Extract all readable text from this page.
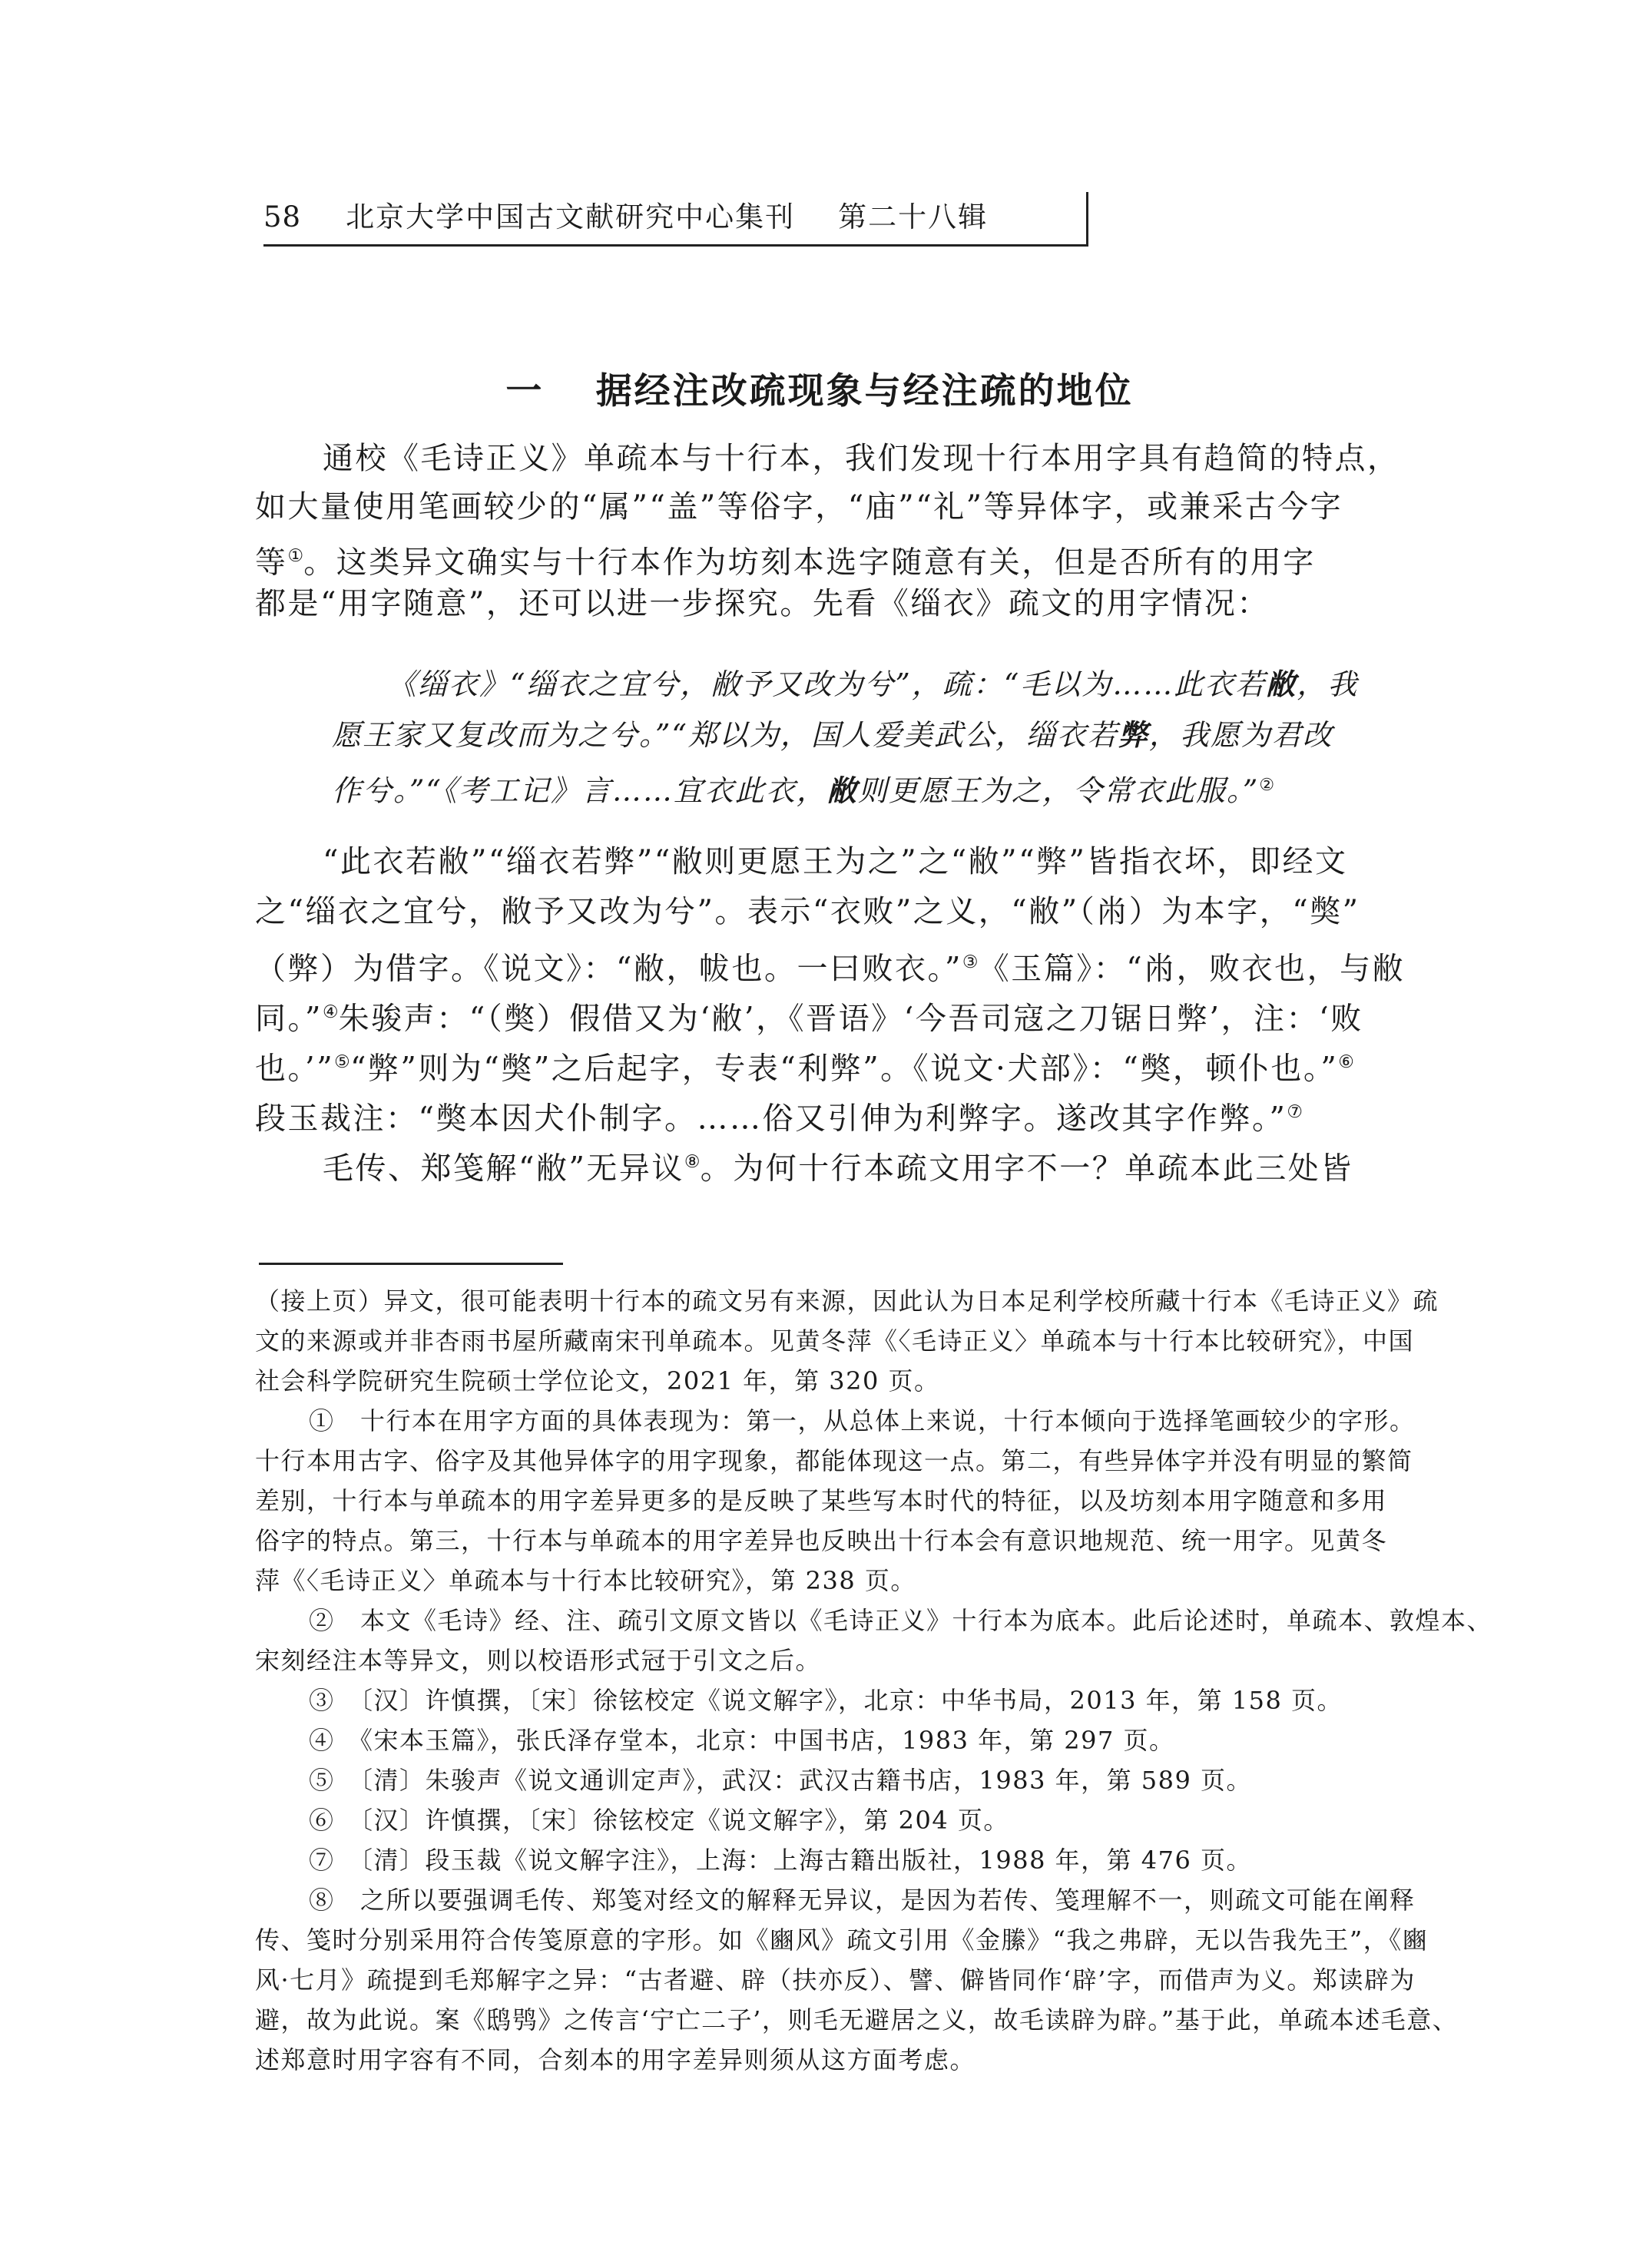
58 北京大学中国古文献研究中心集刊 第二十八辑
一 据经注改疏现象与经注疏的地位
通校《毛诗正义》单疏本与十行本，我们发现十行本用字具有趋简的特点，
如大量使用笔画较少的“属”“盖”等俗字，“庙”“礼”等异体字，或兼采古今字
等①。这类异文确实与十行本作为坊刻本选字随意有关，但是否所有的用字
都是“用字随意”，还可以进一步探究。先看《缁衣》疏文的用字情况：
《缁衣》“缁衣之宜兮，敝予又改为兮”，疏：“毛以为……此衣若敝，我
愿王家又复改而为之兮。”“郑以为，国人爱美武公，缁衣若弊，我愿为君改
作兮。”“《考工记》言……宜衣此衣，敝则更愿王为之，令常衣此服。”②
“此衣若敝”“缁衣若弊”“敝则更愿王为之”之“敝”“弊”皆指衣坏，即经文
之“缁衣之宜兮，敝予又改为兮”。表示“衣败”之义，“敝”（㡀）为本字，“獘”
（弊）为借字。《说文》：“敝，帗也。一曰败衣。”③《玉篇》：“㡀，败衣也，与敝
同。”④朱骏声：“（獘）假借又为‘敝’，《晋语》‘今吾司寇之刀锯日弊’，注：‘败
也。’”⑤“弊”则为“獘”之后起字，专表“利弊”。《说文·犬部》：“獘，顿仆也。”⑥
段玉裁注：“獘本因犬仆制字。……俗又引伸为利弊字。遂改其字作弊。”⑦
毛传、郑笺解“敝”无异议⑧。为何十行本疏文用字不一？单疏本此三处皆
（接上页）异文，很可能表明十行本的疏文另有来源，因此认为日本足利学校所藏十行本《毛诗正义》疏
文的来源或并非杏雨书屋所藏南宋刊单疏本。见黄冬萍《〈毛诗正义〉单疏本与十行本比较研究》，中国
社会科学院研究生院硕士学位论文，2021 年，第 320 页。
①　十行本在用字方面的具体表现为：第一，从总体上来说，十行本倾向于选择笔画较少的字形。
十行本用古字、俗字及其他异体字的用字现象，都能体现这一点。第二，有些异体字并没有明显的繁简
差别，十行本与单疏本的用字差异更多的是反映了某些写本时代的特征，以及坊刻本用字随意和多用
俗字的特点。第三，十行本与单疏本的用字差异也反映出十行本会有意识地规范、统一用字。见黄冬
萍《〈毛诗正义〉单疏本与十行本比较研究》，第 238 页。
②　本文《毛诗》经、注、疏引文原文皆以《毛诗正义》十行本为底本。此后论述时，单疏本、敦煌本、
宋刻经注本等异文，则以校语形式冠于引文之后。
③　〔汉〕许慎撰，〔宋〕徐铉校定《说文解字》，北京：中华书局，2013 年，第 158 页。
④　《宋本玉篇》，张氏泽存堂本，北京：中国书店，1983 年，第 297 页。
⑤　〔清〕朱骏声《说文通训定声》，武汉：武汉古籍书店，1983 年，第 589 页。
⑥　〔汉〕许慎撰，〔宋〕徐铉校定《说文解字》，第 204 页。
⑦　〔清〕段玉裁《说文解字注》，上海：上海古籍出版社，1988 年，第 476 页。
⑧　之所以要强调毛传、郑笺对经文的解释无异议，是因为若传、笺理解不一，则疏文可能在阐释
传、笺时分别采用符合传笺原意的字形。如《豳风》疏文引用《金縢》“我之弗辟，无以告我先王”，《豳
风·七月》疏提到毛郑解字之异：“古者避、辟（扶亦反）、譬、僻皆同作‘辟’字，而借声为义。郑读辟为
避，故为此说。案《鸱鸮》之传言‘宁亡二子’，则毛无避居之义，故毛读辟为辟。”基于此，单疏本述毛意、
述郑意时用字容有不同，合刻本的用字差异则须从这方面考虑。
